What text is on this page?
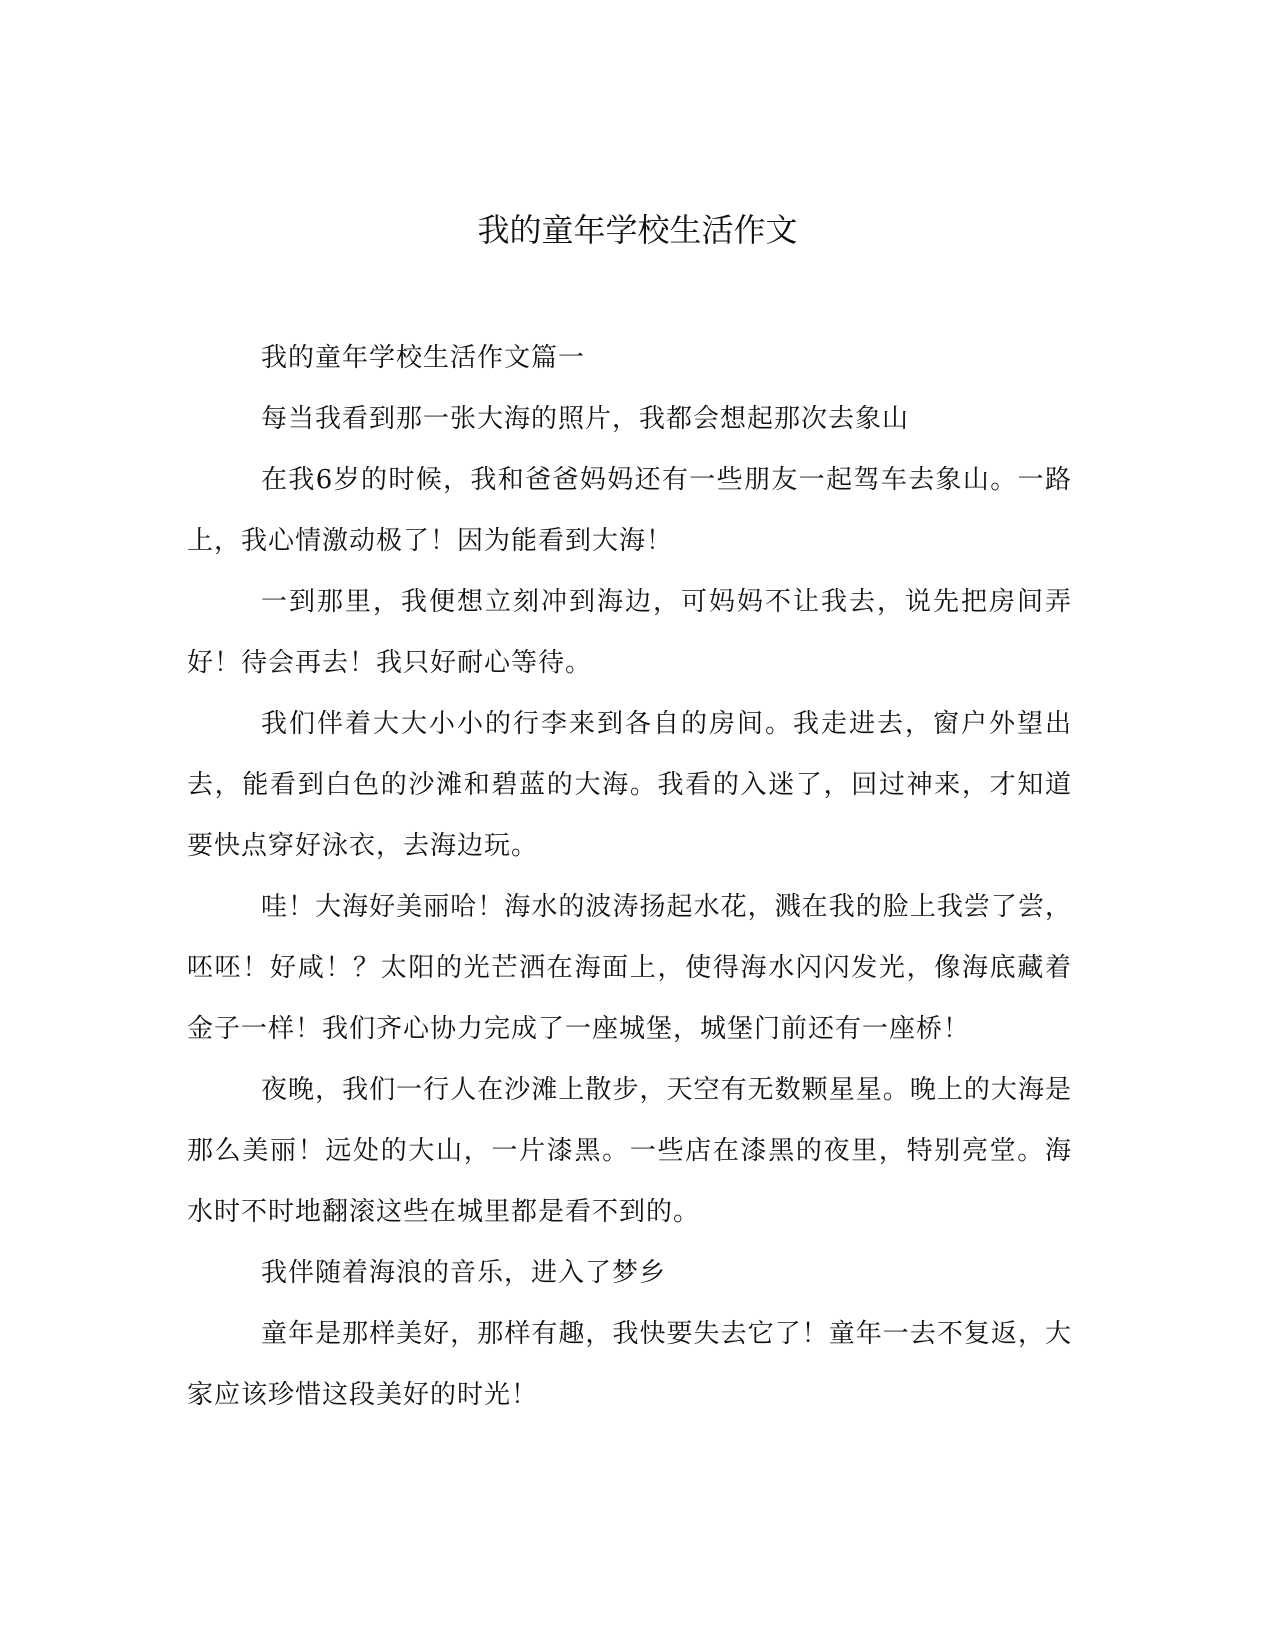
我的童年学校生活作文

我的童年学校生活作文篇一

每当我看到那一张大海的照片，我都会想起那次去象山

在我6岁的时候，我和爸爸妈妈还有一些朋友一起驾车去象山。一路上，我心情激动极了！因为能看到大海！

一到那里，我便想立刻冲到海边，可妈妈不让我去，说先把房间弄好！待会再去！我只好耐心等待。

我们伴着大大小小的行李来到各自的房间。我走进去，窗户外望出去，能看到白色的沙滩和碧蓝的大海。我看的入迷了，回过神来，才知道要快点穿好泳衣，去海边玩。

哇！大海好美丽哈！海水的波涛扬起水花，溅在我的脸上我尝了尝，呸呸！好咸！？太阳的光芒洒在海面上，使得海水闪闪发光，像海底藏着金子一样！我们齐心协力完成了一座城堡，城堡门前还有一座桥！

夜晚，我们一行人在沙滩上散步，天空有无数颗星星。晚上的大海是那么美丽！远处的大山，一片漆黑。一些店在漆黑的夜里，特别亮堂。海水时不时地翻滚这些在城里都是看不到的。

我伴随着海浪的音乐，进入了梦乡

童年是那样美好，那样有趣，我快要失去它了！童年一去不复返，大家应该珍惜这段美好的时光！
